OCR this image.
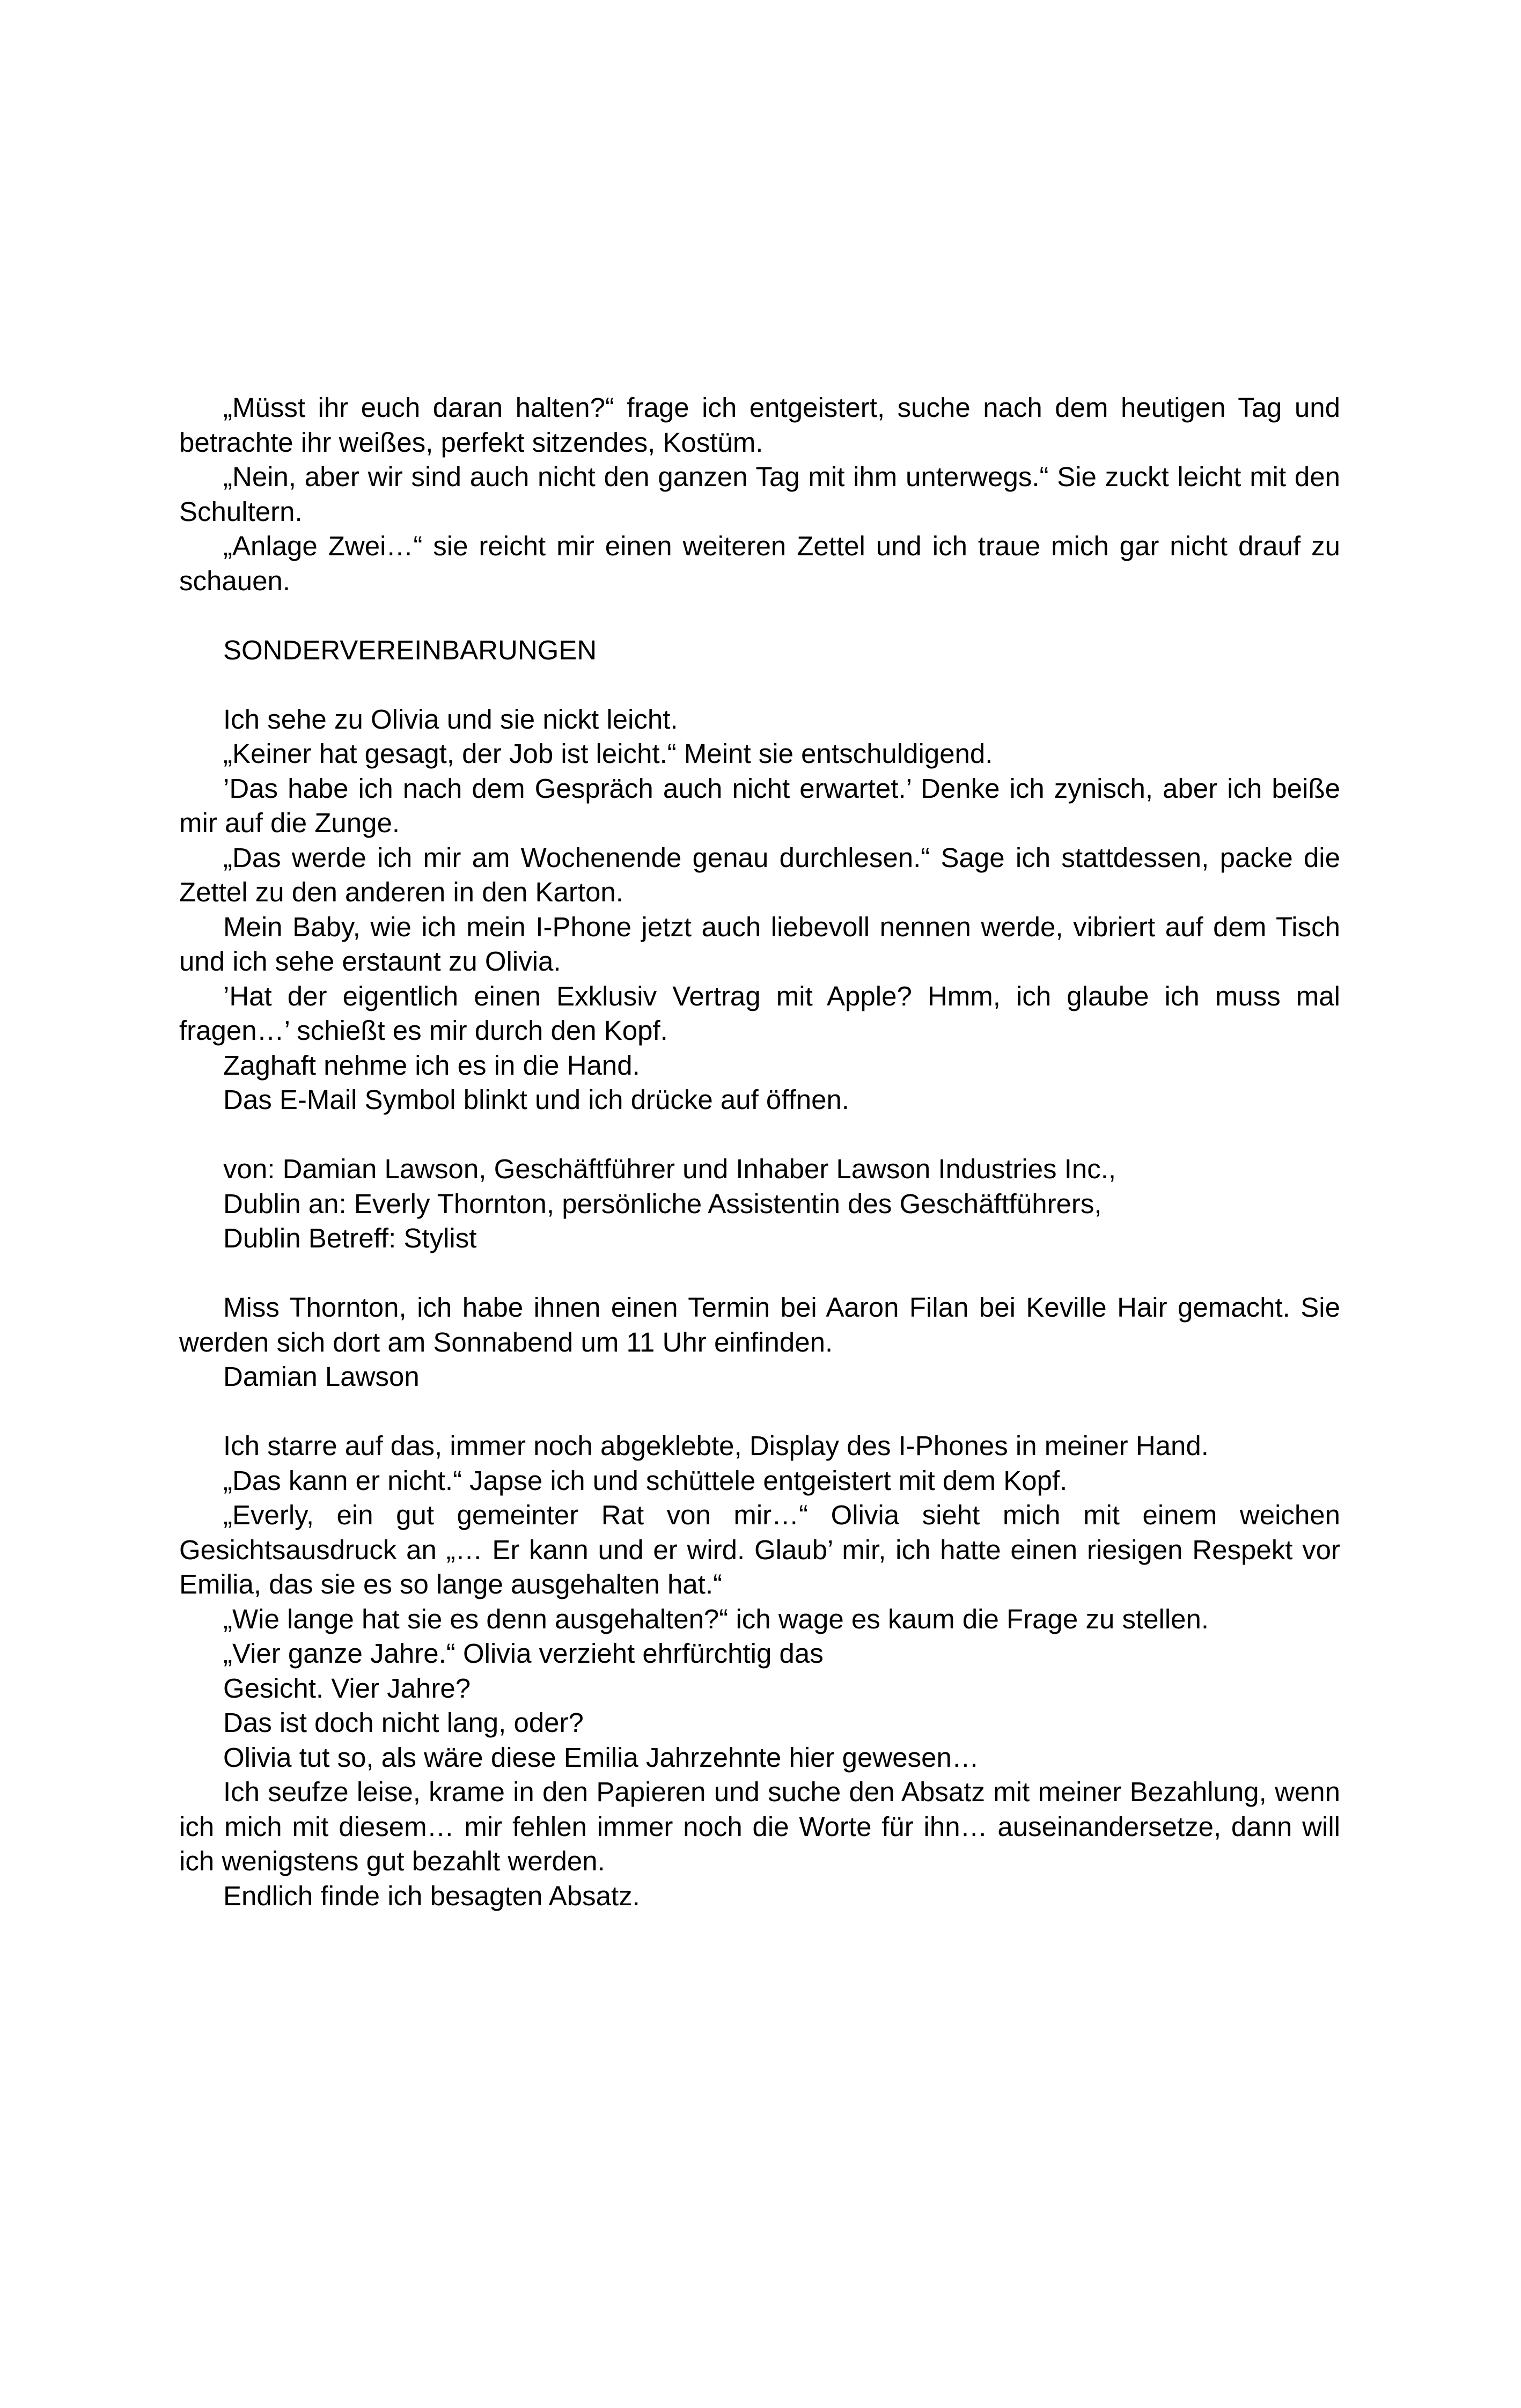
„Müsst ihr euch daran halten?“ frage ich entgeistert, suche nach dem heutigen Tag und betrachte ihr weißes, perfekt sitzendes, Kostüm.

„Nein, aber wir sind auch nicht den ganzen Tag mit ihm unterwegs.“ Sie zuckt leicht mit den Schultern.

„Anlage Zwei…“ sie reicht mir einen weiteren Zettel und ich traue mich gar nicht drauf zu schauen.

SONDERVEREINBARUNGEN

Ich sehe zu Olivia und sie nickt leicht.

„Keiner hat gesagt, der Job ist leicht.“ Meint sie entschuldigend.

’Das habe ich nach dem Gespräch auch nicht erwartet.’ Denke ich zynisch, aber ich beiße mir auf die Zunge.

„Das werde ich mir am Wochenende genau durchlesen.“ Sage ich stattdessen, packe die Zettel zu den anderen in den Karton.

Mein Baby, wie ich mein I-Phone jetzt auch liebevoll nennen werde, vibriert auf dem Tisch und ich sehe erstaunt zu Olivia.

’Hat der eigentlich einen Exklusiv Vertrag mit Apple? Hmm, ich glaube ich muss mal fragen…’ schießt es mir durch den Kopf.

Zaghaft nehme ich es in die Hand.

Das E-Mail Symbol blinkt und ich drücke auf öffnen.

von: Damian Lawson, Geschäftführer und Inhaber Lawson Industries Inc.,

Dublin an: Everly Thornton, persönliche Assistentin des Geschäftführers,

Dublin Betreff: Stylist

Miss Thornton, ich habe ihnen einen Termin bei Aaron Filan bei Keville Hair gemacht. Sie werden sich dort am Sonnabend um 11 Uhr einfinden.

Damian Lawson

Ich starre auf das, immer noch abgeklebte, Display des I-Phones in meiner Hand.

„Das kann er nicht.“ Japse ich und schüttele entgeistert mit dem Kopf.

„Everly, ein gut gemeinter Rat von mir…“ Olivia sieht mich mit einem weichen Gesichtsausdruck an „… Er kann und er wird. Glaub’ mir, ich hatte einen riesigen Respekt vor Emilia, das sie es so lange ausgehalten hat.“

„Wie lange hat sie es denn ausgehalten?“ ich wage es kaum die Frage zu stellen.

„Vier ganze Jahre.“ Olivia verzieht ehrfürchtig das

Gesicht. Vier Jahre?

Das ist doch nicht lang, oder?

Olivia tut so, als wäre diese Emilia Jahrzehnte hier gewesen…

Ich seufze leise, krame in den Papieren und suche den Absatz mit meiner Bezahlung, wenn ich mich mit diesem… mir fehlen immer noch die Worte für ihn… auseinandersetze, dann will ich wenigstens gut bezahlt werden.

Endlich finde ich besagten Absatz.
